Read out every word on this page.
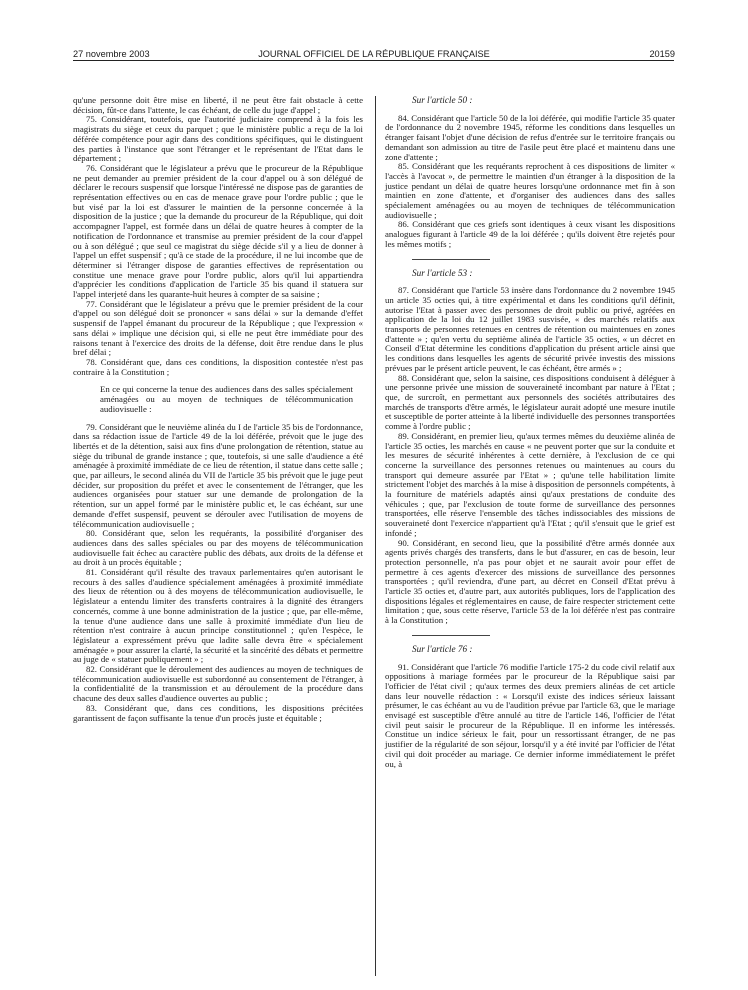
27 novembre 2003	JOURNAL OFFICIEL DE LA RÉPUBLIQUE FRANÇAISE	20159

qu'une personne doit être mise en liberté, il ne peut être fait obstacle à cette décision, fût-ce dans l'attente, le cas échéant, de celle du juge d'appel ;

75. Considérant, toutefois, que l'autorité judiciaire comprend à la fois les magistrats du siège et ceux du parquet ; que le ministère public a reçu de la loi déférée compétence pour agir dans des conditions spécifiques, qui le distinguent des parties à l'instance que sont l'étranger et le représentant de l'Etat dans le département ;

76. Considérant que le législateur a prévu que le procureur de la République ne peut demander au premier président de la cour d'appel ou à son délégué de déclarer le recours suspensif que lorsque l'intéressé ne dispose pas de garanties de représentation effectives ou en cas de menace grave pour l'ordre public ; que le but visé par la loi est d'assurer le maintien de la personne concernée à la disposition de la justice ; que la demande du procureur de la République, qui doit accompagner l'appel, est formée dans un délai de quatre heures à compter de la notification de l'ordonnance et transmise au premier président de la cour d'appel ou à son délégué ; que seul ce magistrat du siège décide s'il y a lieu de donner à l'appel un effet suspensif ; qu'à ce stade de la procédure, il ne lui incombe que de déterminer si l'étranger dispose de garanties effectives de représentation ou constitue une menace grave pour l'ordre public, alors qu'il lui appartiendra d'apprécier les conditions d'application de l'article 35 bis quand il statuera sur l'appel interjeté dans les quarante-huit heures à compter de sa saisine ;

77. Considérant que le législateur a prévu que le premier président de la cour d'appel ou son délégué doit se prononcer « sans délai » sur la demande d'effet suspensif de l'appel émanant du procureur de la République ; que l'expression « sans délai » implique une décision qui, si elle ne peut être immédiate pour des raisons tenant à l'exercice des droits de la défense, doit être rendue dans le plus bref délai ;

78. Considérant que, dans ces conditions, la disposition contestée n'est pas contraire à la Constitution ;

En ce qui concerne la tenue des audiences dans des salles spécialement aménagées ou au moyen de techniques de télécommunication audiovisuelle :

79. Considérant que le neuvième alinéa du I de l'article 35 bis de l'ordonnance, dans sa rédaction issue de l'article 49 de la loi déférée, prévoit que le juge des libertés et de la détention, saisi aux fins d'une prolongation de rétention, statue au siège du tribunal de grande instance ; que, toutefois, si une salle d'audience a été aménagée à proximité immédiate de ce lieu de rétention, il statue dans cette salle ; que, par ailleurs, le second alinéa du VII de l'article 35 bis prévoit que le juge peut décider, sur proposition du préfet et avec le consentement de l'étranger, que les audiences organisées pour statuer sur une demande de prolongation de la rétention, sur un appel formé par le ministère public et, le cas échéant, sur une demande d'effet suspensif, peuvent se dérouler avec l'utilisation de moyens de télécommunication audiovisuelle ;

80. Considérant que, selon les requérants, la possibilité d'organiser des audiences dans des salles spéciales ou par des moyens de télécommunication audiovisuelle fait échec au caractère public des débats, aux droits de la défense et au droit à un procès équitable ;

81. Considérant qu'il résulte des travaux parlementaires qu'en autorisant le recours à des salles d'audience spécialement aménagées à proximité immédiate des lieux de rétention ou à des moyens de télécommunication audiovisuelle, le législateur a entendu limiter des transferts contraires à la dignité des étrangers concernés, comme à une bonne administration de la justice ; que, par elle-même, la tenue d'une audience dans une salle à proximité immédiate d'un lieu de rétention n'est contraire à aucun principe constitutionnel ; qu'en l'espèce, le législateur a expressément prévu que ladite salle devra être « spécialement aménagée » pour assurer la clarté, la sécurité et la sincérité des débats et permettre au juge de « statuer publiquement » ;

82. Considérant que le déroulement des audiences au moyen de techniques de télécommunication audiovisuelle est subordonné au consentement de l'étranger, à la confidentialité de la transmission et au déroulement de la procédure dans chacune des deux salles d'audience ouvertes au public ;

83. Considérant que, dans ces conditions, les dispositions précitées garantissent de façon suffisante la tenue d'un procès juste et équitable ;

Sur l'article 50 :

84. Considérant que l'article 50 de la loi déférée, qui modifie l'article 35 quater de l'ordonnance du 2 novembre 1945, réforme les conditions dans lesquelles un étranger faisant l'objet d'une décision de refus d'entrée sur le territoire français ou demandant son admission au titre de l'asile peut être placé et maintenu dans une zone d'attente ;

85. Considérant que les requérants reprochent à ces dispositions de limiter « l'accès à l'avocat », de permettre le maintien d'un étranger à la disposition de la justice pendant un délai de quatre heures lorsqu'une ordonnance met fin à son maintien en zone d'attente, et d'organiser des audiences dans des salles spécialement aménagées ou au moyen de techniques de télécommunication audiovisuelle ;

86. Considérant que ces griefs sont identiques à ceux visant les dispositions analogues figurant à l'article 49 de la loi déférée ; qu'ils doivent être rejetés pour les mêmes motifs ;

Sur l'article 53 :

87. Considérant que l'article 53 insère dans l'ordonnance du 2 novembre 1945 un article 35 octies qui, à titre expérimental et dans les conditions qu'il définit, autorise l'Etat à passer avec des personnes de droit public ou privé, agréées en application de la loi du 12 juillet 1983 susvisée, « des marchés relatifs aux transports de personnes retenues en centres de rétention ou maintenues en zones d'attente » ; qu'en vertu du septième alinéa de l'article 35 octies, « un décret en Conseil d'Etat détermine les conditions d'application du présent article ainsi que les conditions dans lesquelles les agents de sécurité privée investis des missions prévues par le présent article peuvent, le cas échéant, être armés » ;

88. Considérant que, selon la saisine, ces dispositions conduisent à déléguer à une personne privée une mission de souveraineté incombant par nature à l'Etat ; que, de surcroît, en permettant aux personnels des sociétés attributaires des marchés de transports d'être armés, le législateur aurait adopté une mesure inutile et susceptible de porter atteinte à la liberté individuelle des personnes transportées comme à l'ordre public ;

89. Considérant, en premier lieu, qu'aux termes mêmes du deuxième alinéa de l'article 35 octies, les marchés en cause « ne peuvent porter que sur la conduite et les mesures de sécurité inhérentes à cette dernière, à l'exclusion de ce qui concerne la surveillance des personnes retenues ou maintenues au cours du transport qui demeure assurée par l'Etat » ; qu'une telle habilitation limite strictement l'objet des marchés à la mise à disposition de personnels compétents, à la fourniture de matériels adaptés ainsi qu'aux prestations de conduite des véhicules ; que, par l'exclusion de toute forme de surveillance des personnes transportées, elle réserve l'ensemble des tâches indissociables des missions de souveraineté dont l'exercice n'appartient qu'à l'Etat ; qu'il s'ensuit que le grief est infondé ;

90. Considérant, en second lieu, que la possibilité d'être armés donnée aux agents privés chargés des transferts, dans le but d'assurer, en cas de besoin, leur protection personnelle, n'a pas pour objet et ne saurait avoir pour effet de permettre à ces agents d'exercer des missions de surveillance des personnes transportées ; qu'il reviendra, d'une part, au décret en Conseil d'Etat prévu à l'article 35 octies et, d'autre part, aux autorités publiques, lors de l'application des dispositions légales et réglementaires en cause, de faire respecter strictement cette limitation ; que, sous cette réserve, l'article 53 de la loi déférée n'est pas contraire à la Constitution ;

Sur l'article 76 :

91. Considérant que l'article 76 modifie l'article 175-2 du code civil relatif aux oppositions à mariage formées par le procureur de la République saisi par l'officier de l'état civil ; qu'aux termes des deux premiers alinéas de cet article dans leur nouvelle rédaction : « Lorsqu'il existe des indices sérieux laissant présumer, le cas échéant au vu de l'audition prévue par l'article 63, que le mariage envisagé est susceptible d'être annulé au titre de l'article 146, l'officier de l'état civil peut saisir le procureur de la République. Il en informe les intéressés. Constitue un indice sérieux le fait, pour un ressortissant étranger, de ne pas justifier de la régularité de son séjour, lorsqu'il y a été invité par l'officier de l'état civil qui doit procéder au mariage. Ce dernier informe immédiatement le préfet ou, à
